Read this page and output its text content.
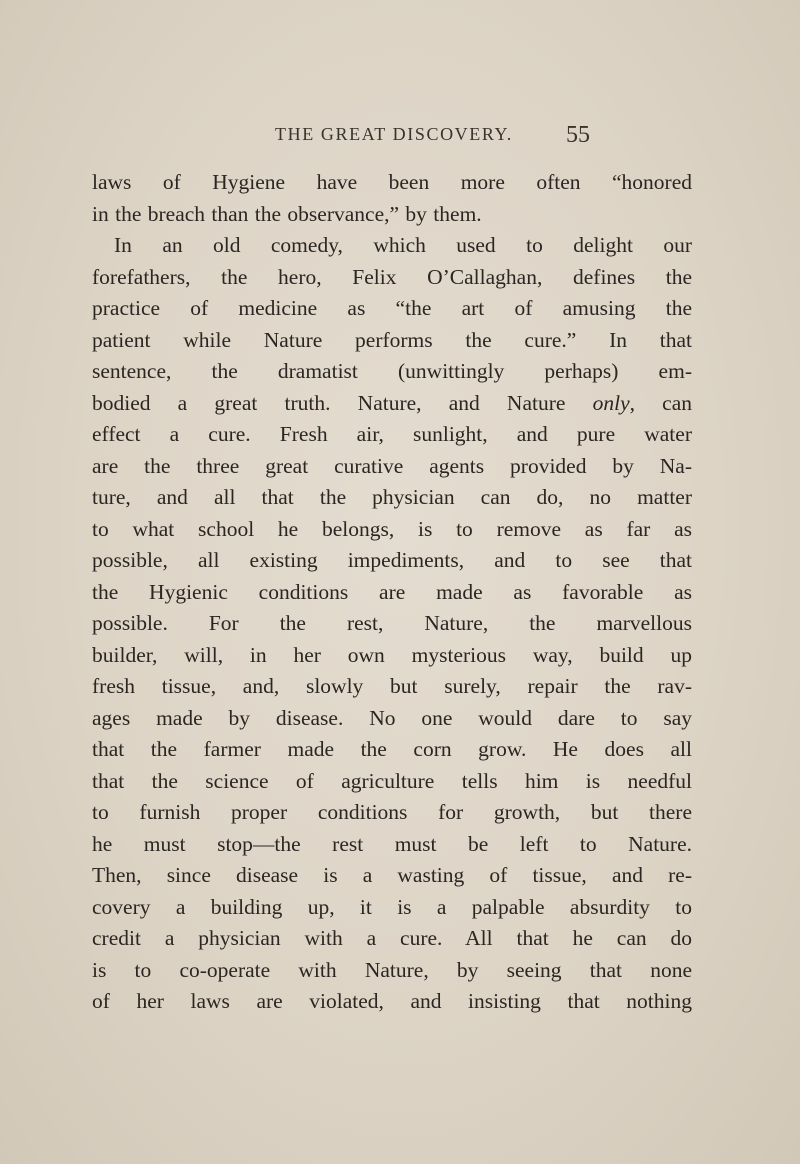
THE GREAT DISCOVERY. 55
laws of Hygiene have been more often “honored
in the breach than the observance,” by them.
In an old comedy, which used to delight our
forefathers, the hero, Felix O’Callaghan, defines the
practice of medicine as “the art of amusing the
patient while Nature performs the cure.” In that
sentence, the dramatist (unwittingly perhaps) em-
bodied a great truth. Nature, and Nature only, can
effect a cure. Fresh air, sunlight, and pure water
are the three great curative agents provided by Na-
ture, and all that the physician can do, no matter
to what school he belongs, is to remove as far as
possible, all existing impediments, and to see that
the Hygienic conditions are made as favorable as
possible. For the rest, Nature, the marvellous
builder, will, in her own mysterious way, build up
fresh tissue, and, slowly but surely, repair the rav-
ages made by disease. No one would dare to say
that the farmer made the corn grow. He does all
that the science of agriculture tells him is needful
to furnish proper conditions for growth, but there
he must stop—the rest must be left to Nature.
Then, since disease is a wasting of tissue, and re-
covery a building up, it is a palpable absurdity to
credit a physician with a cure. All that he can do
is to co-operate with Nature, by seeing that none
of her laws are violated, and insisting that nothing
